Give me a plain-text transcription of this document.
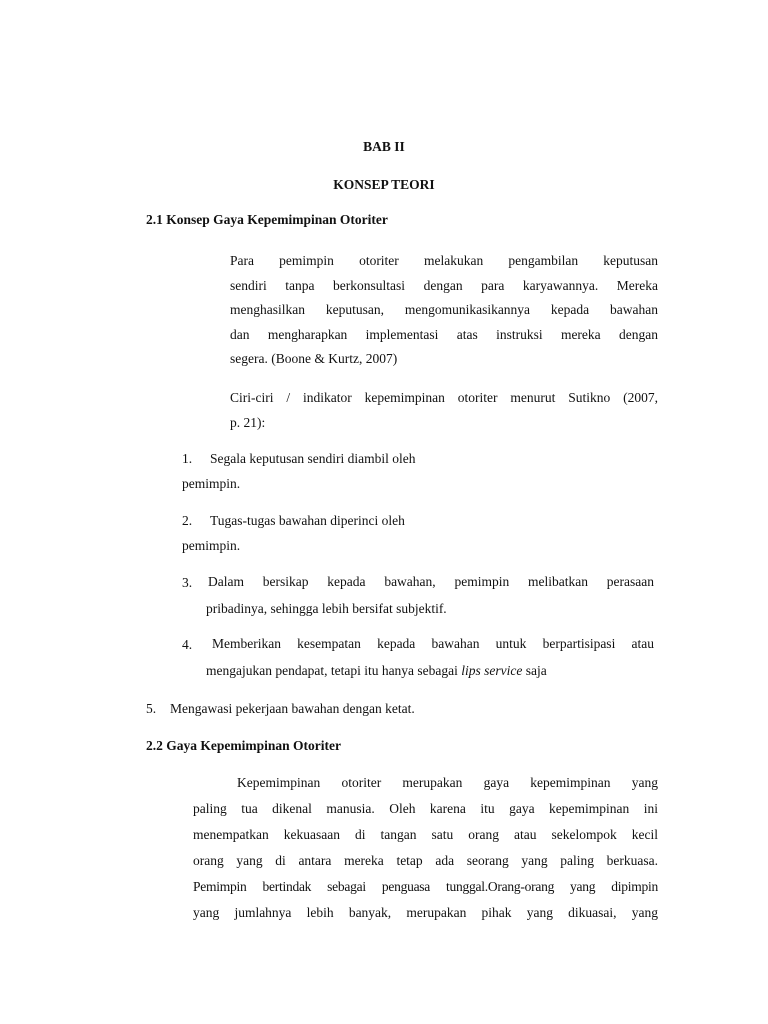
BAB II

KONSEP TEORI

2.1 Konsep Gaya Kepemimpinan Otoriter

Para pemimpin otoriter melakukan pengambilan keputusan
sendiri tanpa berkonsultasi dengan para karyawannya. Mereka
menghasilkan keputusan, mengomunikasikannya kepada bawahan
dan mengharapkan implementasi atas instruksi mereka dengan
segera. (Boone & Kurtz, 2007)
Ciri-ciri / indikator kepemimpinan otoriter menurut Sutikno (2007,
p. 21):

1. Segala keputusan sendiri diambil oleh

pemimpin.

2. Tugas-tugas bawahan diperinci oleh

pemimpin.

3. Dalam bersikap kepada bawahan, pemimpin melibatkan perasaan

pribadinya, sehingga lebih bersifat subjektif.

4. Memberikan kesempatan kepada bawahan untuk berpartisipasi atau

mengajukan pendapat, tetapi itu hanya sebagai lips service saja

5. Mengawasi pekerjaan bawahan dengan ketat.

2.2 Gaya Kepemimpinan Otoriter

Kepemimpinan otoriter merupakan gaya kepemimpinan yang
paling tua dikenal manusia. Oleh karena itu gaya kepemimpinan ini
menempatkan kekuasaan di tangan satu orang atau sekelompok kecil
orang yang di antara mereka tetap ada seorang yang paling berkuasa.
Pemimpin bertindak sebagai penguasa tunggal.Orang-orang yang dipimpin
yang jumlahnya lebih banyak, merupakan pihak yang dikuasai, yang
